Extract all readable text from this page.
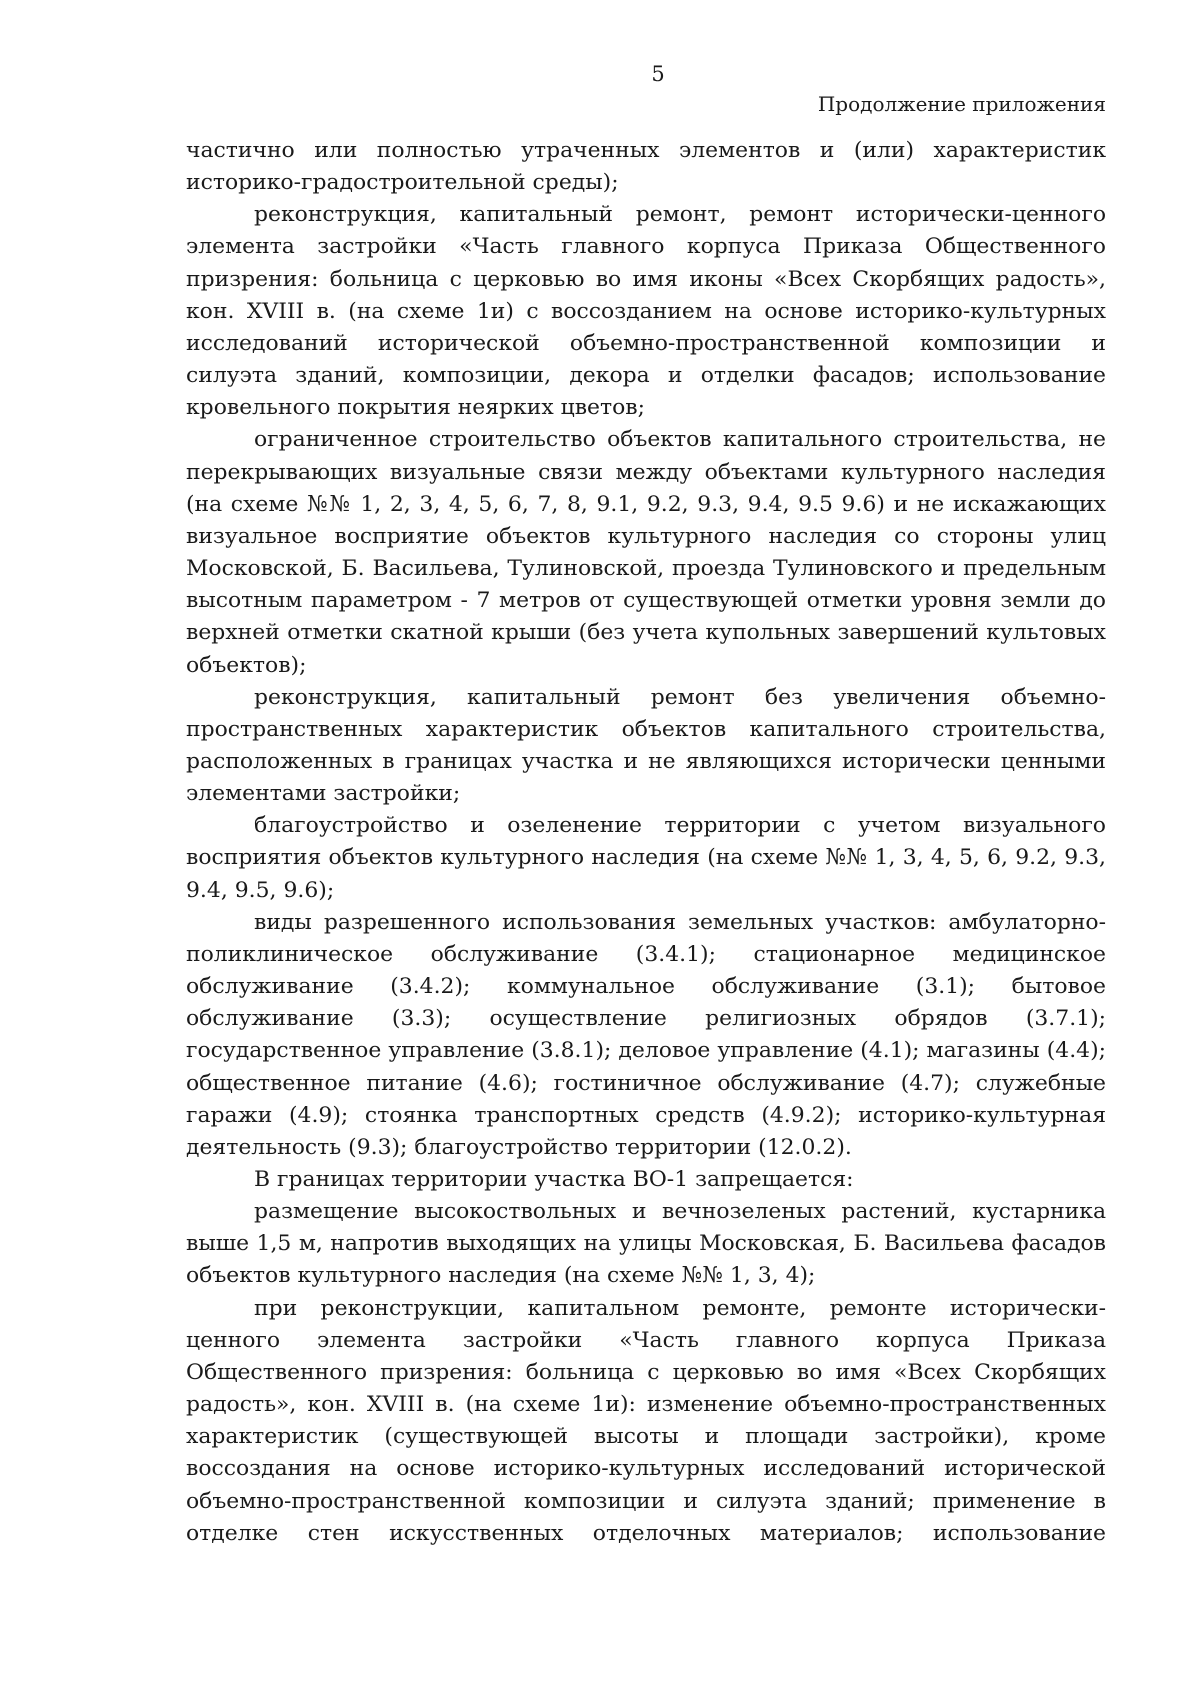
5
Продолжение приложения

частично или полностью утраченных элементов и (или) характеристик историко-градостроительной среды);

реконструкция, капитальный ремонт, ремонт исторически-ценного элемента застройки «Часть главного корпуса Приказа Общественного призрения: больница с церковью во имя иконы «Всех Скорбящих радость», кон. XVIII в. (на схеме 1и) с воссозданием на основе историко-культурных исследований исторической объемно-пространственной композиции и силуэта зданий, композиции, декора и отделки фасадов; использование кровельного покрытия неярких цветов;

ограниченное строительство объектов капитального строительства, не перекрывающих визуальные связи между объектами культурного наследия (на схеме №№ 1, 2, 3, 4, 5, 6, 7, 8, 9.1, 9.2, 9.3, 9.4, 9.5 9.6) и не искажающих визуальное восприятие объектов культурного наследия со стороны улиц Московской, Б. Васильева, Тулиновской, проезда Тулиновского и предельным высотным параметром - 7 метров от существующей отметки уровня земли до верхней отметки скатной крыши (без учета купольных завершений культовых объектов);

реконструкция, капитальный ремонт без увеличения объемно-пространственных характеристик объектов капитального строительства, расположенных в границах участка и не являющихся исторически ценными элементами застройки;

благоустройство и озеленение территории с учетом визуального восприятия объектов культурного наследия (на схеме №№ 1, 3, 4, 5, 6, 9.2, 9.3, 9.4, 9.5, 9.6);

виды разрешенного использования земельных участков: амбулаторно-поликлиническое обслуживание (3.4.1); стационарное медицинское обслуживание (3.4.2); коммунальное обслуживание (3.1); бытовое обслуживание (3.3); осуществление религиозных обрядов (3.7.1); государственное управление (3.8.1); деловое управление (4.1); магазины (4.4); общественное питание (4.6); гостиничное обслуживание (4.7); служебные гаражи (4.9); стоянка транспортных средств (4.9.2); историко-культурная деятельность (9.3); благоустройство территории (12.0.2).

В границах территории участка ВО-1 запрещается:

размещение высокоствольных и вечнозеленых растений, кустарника выше 1,5 м, напротив выходящих на улицы Московская, Б. Васильева фасадов объектов культурного наследия (на схеме №№ 1, 3, 4);

при реконструкции, капитальном ремонте, ремонте исторически-ценного элемента застройки «Часть главного корпуса Приказа Общественного призрения: больница с церковью во имя «Всех Скорбящих радость», кон. XVIII в. (на схеме 1и): изменение объемно-пространственных характеристик (существующей высоты и площади застройки), кроме воссоздания на основе историко-культурных исследований исторической объемно-пространственной композиции и силуэта зданий; применение в отделке стен искусственных отделочных материалов; использование
